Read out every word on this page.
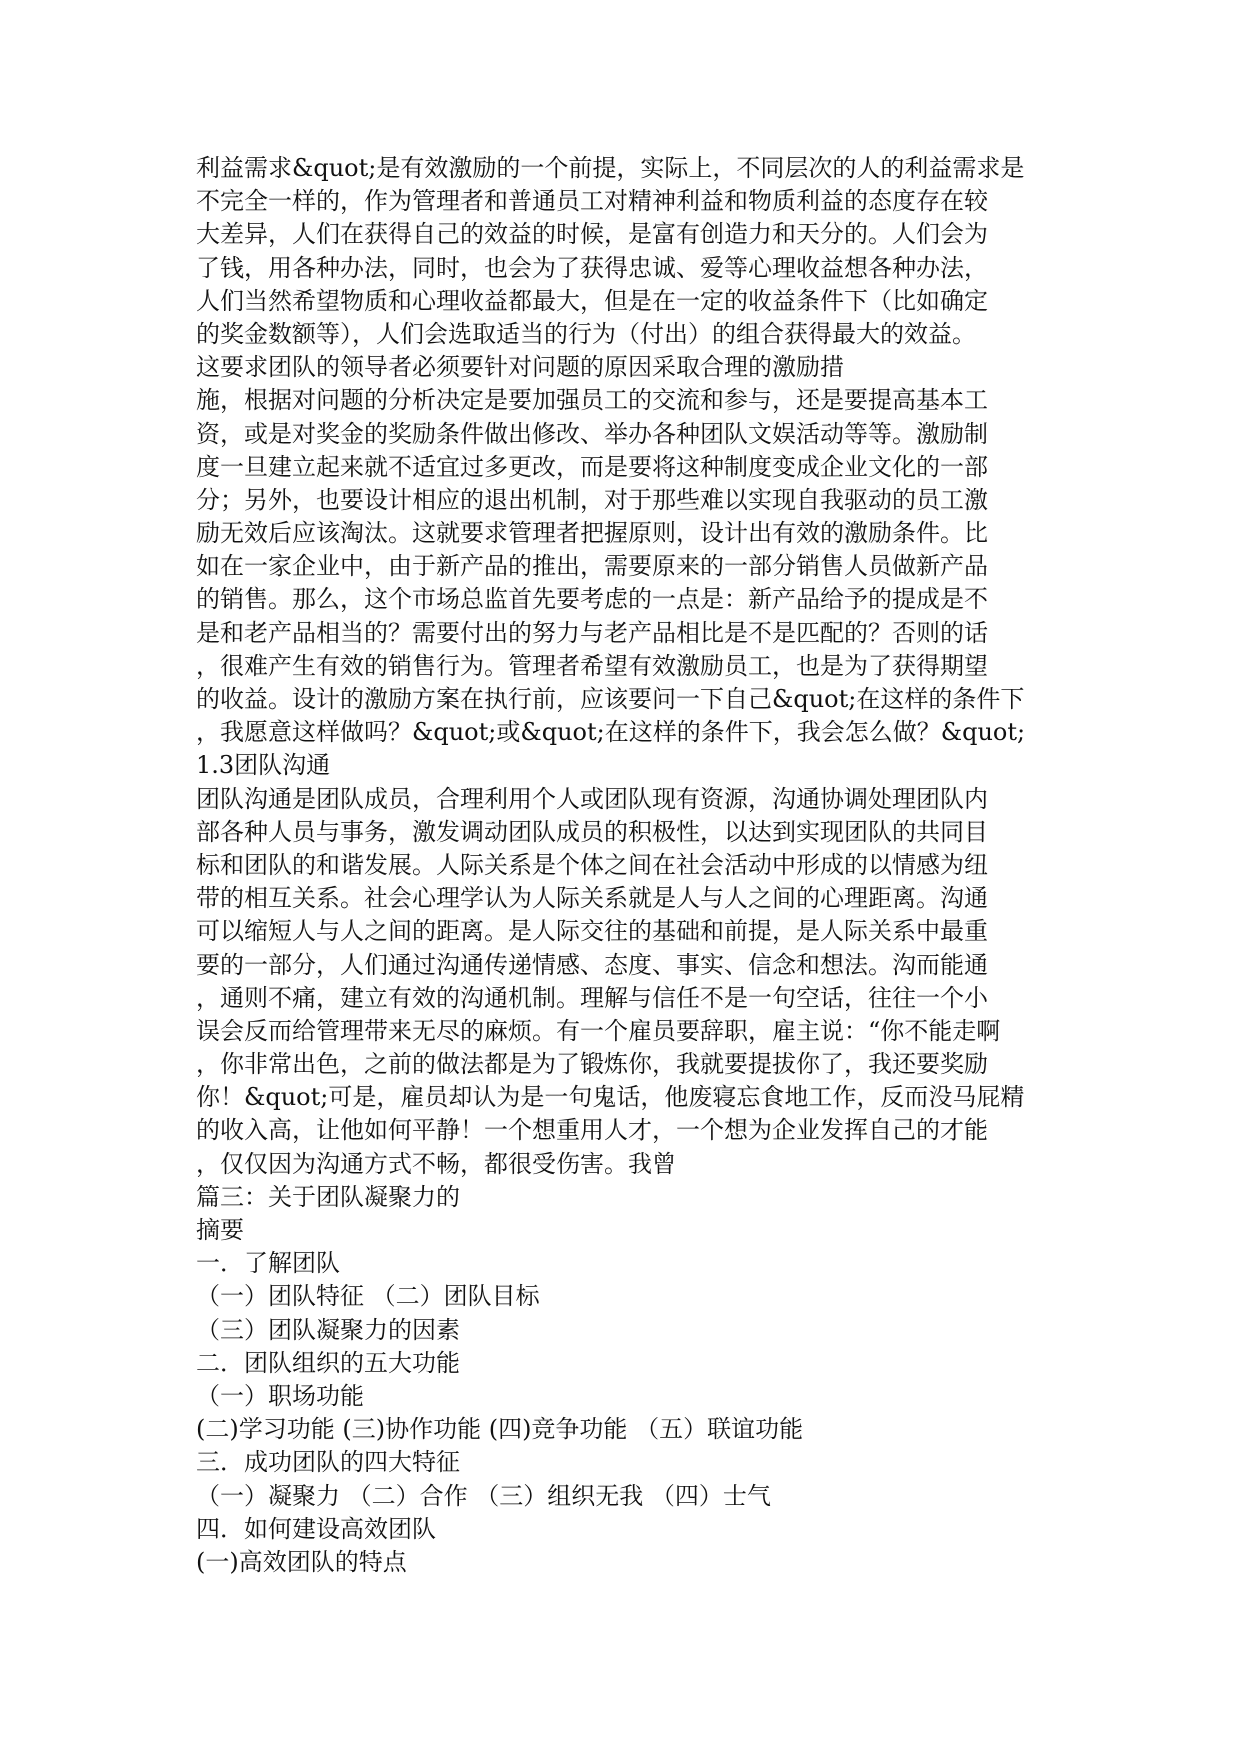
利益需求&quot;是有效激励的一个前提，实际上，不同层次的人的利益需求是
不完全一样的，作为管理者和普通员工对精神利益和物质利益的态度存在较
大差异，人们在获得自己的效益的时候，是富有创造力和天分的。人们会为
了钱，用各种办法，同时，也会为了获得忠诚、爱等心理收益想各种办法，
人们当然希望物质和心理收益都最大，但是在一定的收益条件下（比如确定
的奖金数额等），人们会选取适当的行为（付出）的组合获得最大的效益。
这要求团队的领导者必须要针对问题的原因采取合理的激励措
施，根据对问题的分析决定是要加强员工的交流和参与，还是要提高基本工
资，或是对奖金的奖励条件做出修改、举办各种团队文娱活动等等。激励制
度一旦建立起来就不适宜过多更改，而是要将这种制度变成企业文化的一部
分；另外，也要设计相应的退出机制，对于那些难以实现自我驱动的员工激
励无效后应该淘汰。这就要求管理者把握原则，设计出有效的激励条件。比
如在一家企业中，由于新产品的推出，需要原来的一部分销售人员做新产品
的销售。那么，这个市场总监首先要考虑的一点是：新产品给予的提成是不
是和老产品相当的？需要付出的努力与老产品相比是不是匹配的？否则的话
，很难产生有效的销售行为。管理者希望有效激励员工，也是为了获得期望
的收益。设计的激励方案在执行前，应该要问一下自己&quot;在这样的条件下
，我愿意这样做吗？&quot;或&quot;在这样的条件下，我会怎么做？&quot;
1.3团队沟通
团队沟通是团队成员，合理利用个人或团队现有资源，沟通协调处理团队内
部各种人员与事务，激发调动团队成员的积极性，以达到实现团队的共同目
标和团队的和谐发展。人际关系是个体之间在社会活动中形成的以情感为纽
带的相互关系。社会心理学认为人际关系就是人与人之间的心理距离。沟通
可以缩短人与人之间的距离。是人际交往的基础和前提，是人际关系中最重
要的一部分，人们通过沟通传递情感、态度、事实、信念和想法。沟而能通
，通则不痛，建立有效的沟通机制。理解与信任不是一句空话，往往一个小
误会反而给管理带来无尽的麻烦。有一个雇员要辞职，雇主说：“你不能走啊
，你非常出色，之前的做法都是为了锻炼你，我就要提拔你了，我还要奖励
你！&quot;可是，雇员却认为是一句鬼话，他废寝忘食地工作，反而没马屁精
的收入高，让他如何平静！一个想重用人才，一个想为企业发挥自己的才能
，仅仅因为沟通方式不畅，都很受伤害。我曾
篇三：关于团队凝聚力的
摘要
一．了解团队
（一）团队特征 （二）团队目标
（三）团队凝聚力的因素
二．团队组织的五大功能
（一）职场功能
(二)学习功能 (三)协作功能 (四)竞争功能 （五）联谊功能
三．成功团队的四大特征
（一）凝聚力 （二）合作 （三）组织无我 （四）士气
四．如何建设高效团队
(一)高效团队的特点
